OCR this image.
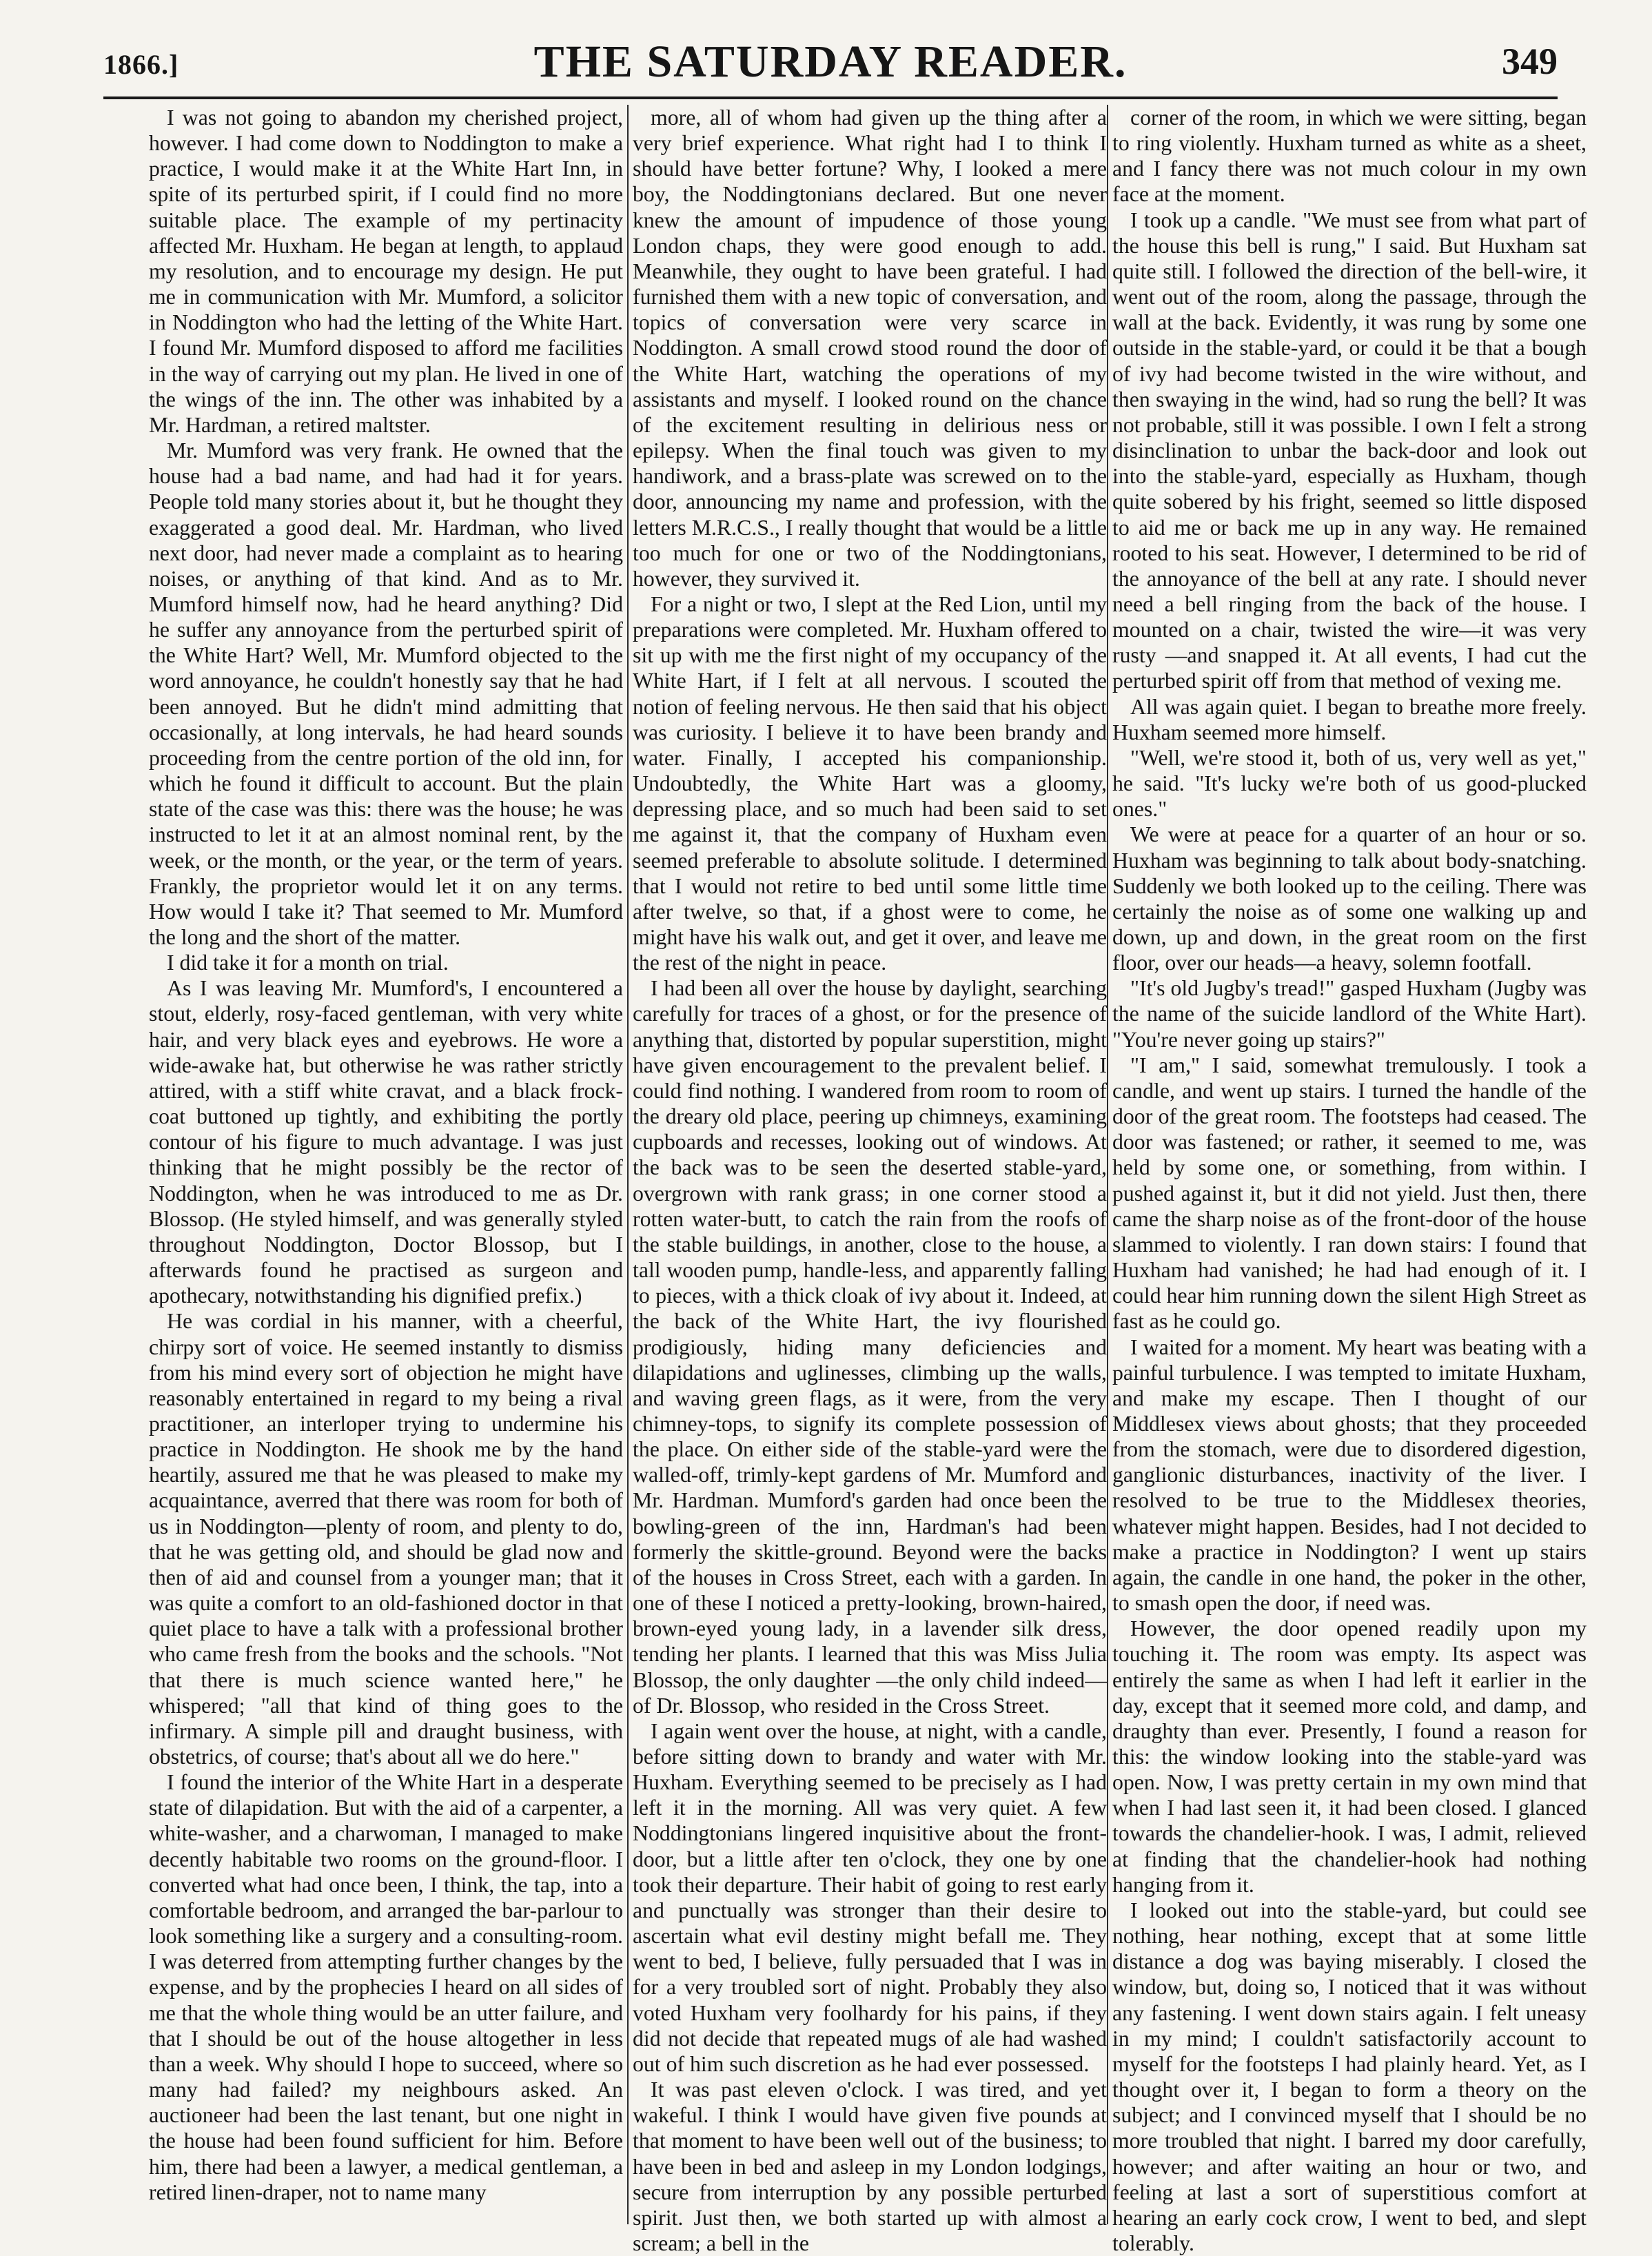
1866.]	THE SATURDAY READER.	349

I was not going to abandon my cherished project, however. I had come down to Noddington to make a practice, I would make it at the White Hart Inn, in spite of its perturbed spirit, if I could find no more suitable place. The example of my pertinacity affected Mr. Huxham. He began at length, to applaud my resolution, and to encourage my design. He put me in communication with Mr. Mumford, a solicitor in Noddington who had the letting of the White Hart. I found Mr. Mumford disposed to afford me facilities in the way of carrying out my plan. He lived in one of the wings of the inn. The other was inhabited by a Mr. Hardman, a retired maltster.

Mr. Mumford was very frank. He owned that the house had a bad name, and had had it for years. People told many stories about it, but he thought they exaggerated a good deal. Mr. Hardman, who lived next door, had never made a complaint as to hearing noises, or anything of that kind. And as to Mr. Mumford himself now, had he heard anything? Did he suffer any annoyance from the perturbed spirit of the White Hart? Well, Mr. Mumford objected to the word annoyance, he couldn't honestly say that he had been annoyed. But he didn't mind admitting that occasionally, at long intervals, he had heard sounds proceeding from the centre portion of the old inn, for which he found it difficult to account. But the plain state of the case was this: there was the house; he was instructed to let it at an almost nominal rent, by the week, or the month, or the year, or the term of years. Frankly, the proprietor would let it on any terms. How would I take it? That seemed to Mr. Mumford the long and the short of the matter.

I did take it for a month on trial.

As I was leaving Mr. Mumford's, I encountered a stout, elderly, rosy-faced gentleman, with very white hair, and very black eyes and eyebrows. He wore a wide-awake hat, but otherwise he was rather strictly attired, with a stiff white cravat, and a black frock-coat buttoned up tightly, and exhibiting the portly contour of his figure to much advantage. I was just thinking that he might possibly be the rector of Noddington, when he was introduced to me as Dr. Blossop. (He styled himself, and was generally styled throughout Noddington, Doctor Blossop, but I afterwards found he practised as surgeon and apothecary, notwithstanding his dignified prefix.)

He was cordial in his manner, with a cheerful, chirpy sort of voice. He seemed instantly to dismiss from his mind every sort of objection he might have reasonably entertained in regard to my being a rival practitioner, an interloper trying to undermine his practice in Noddington. He shook me by the hand heartily, assured me that he was pleased to make my acquaintance, averred that there was room for both of us in Noddington—plenty of room, and plenty to do, that he was getting old, and should be glad now and then of aid and counsel from a younger man; that it was quite a comfort to an old-fashioned doctor in that quiet place to have a talk with a professional brother who came fresh from the books and the schools. "Not that there is much science wanted here," he whispered; "all that kind of thing goes to the infirmary. A simple pill and draught business, with obstetrics, of course; that's about all we do here."

I found the interior of the White Hart in a desperate state of dilapidation. But with the aid of a carpenter, a white-washer, and a charwoman, I managed to make decently habitable two rooms on the ground-floor. I converted what had once been, I think, the tap, into a comfortable bedroom, and arranged the bar-parlour to look something like a surgery and a consulting-room. I was deterred from attempting further changes by the expense, and by the prophecies I heard on all sides of me that the whole thing would be an utter failure, and that I should be out of the house altogether in less than a week. Why should I hope to succeed, where so many had failed? my neighbours asked. An auctioneer had been the last tenant, but one night in the house had been found sufficient for him. Before him, there had been a lawyer, a medical gentleman, a retired linen-draper, not to name many

more, all of whom had given up the thing after a very brief experience. What right had I to think I should have better fortune? Why, I looked a mere boy, the Noddingtonians declared. But one never knew the amount of impudence of those young London chaps, they were good enough to add. Meanwhile, they ought to have been grateful. I had furnished them with a new topic of conversation, and topics of conversation were very scarce in Noddington. A small crowd stood round the door of the White Hart, watching the operations of my assistants and myself. I looked round on the chance of the excitement resulting in delirious ness or epilepsy. When the final touch was given to my handiwork, and a brass-plate was screwed on to the door, announcing my name and profession, with the letters M.R.C.S., I really thought that would be a little too much for one or two of the Noddingtonians, however, they survived it.

For a night or two, I slept at the Red Lion, until my preparations were completed. Mr. Huxham offered to sit up with me the first night of my occupancy of the White Hart, if I felt at all nervous. I scouted the notion of feeling nervous. He then said that his object was curiosity. I believe it to have been brandy and water. Finally, I accepted his companionship. Undoubtedly, the White Hart was a gloomy, depressing place, and so much had been said to set me against it, that the company of Huxham even seemed preferable to absolute solitude. I determined that I would not retire to bed until some little time after twelve, so that, if a ghost were to come, he might have his walk out, and get it over, and leave me the rest of the night in peace.

I had been all over the house by daylight, searching carefully for traces of a ghost, or for the presence of anything that, distorted by popular superstition, might have given encouragement to the prevalent belief. I could find nothing. I wandered from room to room of the dreary old place, peering up chimneys, examining cupboards and recesses, looking out of windows. At the back was to be seen the deserted stable-yard, overgrown with rank grass; in one corner stood a rotten water-butt, to catch the rain from the roofs of the stable buildings, in another, close to the house, a tall wooden pump, handle-less, and apparently falling to pieces, with a thick cloak of ivy about it. Indeed, at the back of the White Hart, the ivy flourished prodigiously, hiding many deficiencies and dilapidations and uglinesses, climbing up the walls, and waving green flags, as it were, from the very chimney-tops, to signify its complete possession of the place. On either side of the stable-yard were the walled-off, trimly-kept gardens of Mr. Mumford and Mr. Hardman. Mumford's garden had once been the bowling-green of the inn, Hardman's had been formerly the skittle-ground. Beyond were the backs of the houses in Cross Street, each with a garden. In one of these I noticed a pretty-looking, brown-haired, brown-eyed young lady, in a lavender silk dress, tending her plants. I learned that this was Miss Julia Blossop, the only daughter —the only child indeed—of Dr. Blossop, who resided in the Cross Street.

I again went over the house, at night, with a candle, before sitting down to brandy and water with Mr. Huxham. Everything seemed to be precisely as I had left it in the morning. All was very quiet. A few Noddingtonians lingered inquisitive about the front-door, but a little after ten o'clock, they one by one took their departure. Their habit of going to rest early and punctually was stronger than their desire to ascertain what evil destiny might befall me. They went to bed, I believe, fully persuaded that I was in for a very troubled sort of night. Probably they also voted Huxham very foolhardy for his pains, if they did not decide that repeated mugs of ale had washed out of him such discretion as he had ever possessed.

It was past eleven o'clock. I was tired, and yet wakeful. I think I would have given five pounds at that moment to have been well out of the business; to have been in bed and asleep in my London lodgings, secure from interruption by any possible perturbed spirit. Just then, we both started up with almost a scream; a bell in the

corner of the room, in which we were sitting, began to ring violently. Huxham turned as white as a sheet, and I fancy there was not much colour in my own face at the moment.

I took up a candle. "We must see from what part of the house this bell is rung," I said. But Huxham sat quite still. I followed the direction of the bell-wire, it went out of the room, along the passage, through the wall at the back. Evidently, it was rung by some one outside in the stable-yard, or could it be that a bough of ivy had become twisted in the wire without, and then swaying in the wind, had so rung the bell? It was not probable, still it was possible. I own I felt a strong disinclination to unbar the back-door and look out into the stable-yard, especially as Huxham, though quite sobered by his fright, seemed so little disposed to aid me or back me up in any way. He remained rooted to his seat. However, I determined to be rid of the annoyance of the bell at any rate. I should never need a bell ringing from the back of the house. I mounted on a chair, twisted the wire—it was very rusty —and snapped it. At all events, I had cut the perturbed spirit off from that method of vexing me.

All was again quiet. I began to breathe more freely. Huxham seemed more himself.

"Well, we're stood it, both of us, very well as yet," he said. "It's lucky we're both of us good-plucked ones."

We were at peace for a quarter of an hour or so. Huxham was beginning to talk about body-snatching. Suddenly we both looked up to the ceiling. There was certainly the noise as of some one walking up and down, up and down, in the great room on the first floor, over our heads—a heavy, solemn footfall.

"It's old Jugby's tread!" gasped Huxham (Jugby was the name of the suicide landlord of the White Hart). "You're never going up stairs?"

"I am," I said, somewhat tremulously. I took a candle, and went up stairs. I turned the handle of the door of the great room. The footsteps had ceased. The door was fastened; or rather, it seemed to me, was held by some one, or something, from within. I pushed against it, but it did not yield. Just then, there came the sharp noise as of the front-door of the house slammed to violently. I ran down stairs: I found that Huxham had vanished; he had had enough of it. I could hear him running down the silent High Street as fast as he could go.

I waited for a moment. My heart was beating with a painful turbulence. I was tempted to imitate Huxham, and make my escape. Then I thought of our Middlesex views about ghosts; that they proceeded from the stomach, were due to disordered digestion, ganglionic disturbances, inactivity of the liver. I resolved to be true to the Middlesex theories, whatever might happen. Besides, had I not decided to make a practice in Noddington? I went up stairs again, the candle in one hand, the poker in the other, to smash open the door, if need was.

However, the door opened readily upon my touching it. The room was empty. Its aspect was entirely the same as when I had left it earlier in the day, except that it seemed more cold, and damp, and draughty than ever. Presently, I found a reason for this: the window looking into the stable-yard was open. Now, I was pretty certain in my own mind that when I had last seen it, it had been closed. I glanced towards the chandelier-hook. I was, I admit, relieved at finding that the chandelier-hook had nothing hanging from it.

I looked out into the stable-yard, but could see nothing, hear nothing, except that at some little distance a dog was baying miserably. I closed the window, but, doing so, I noticed that it was without any fastening. I went down stairs again. I felt uneasy in my mind; I couldn't satisfactorily account to myself for the footsteps I had plainly heard. Yet, as I thought over it, I began to form a theory on the subject; and I convinced myself that I should be no more troubled that night. I barred my door carefully, however; and after waiting an hour or two, and feeling at last a sort of superstitious comfort at hearing an early cock crow, I went to bed, and slept tolerably.
